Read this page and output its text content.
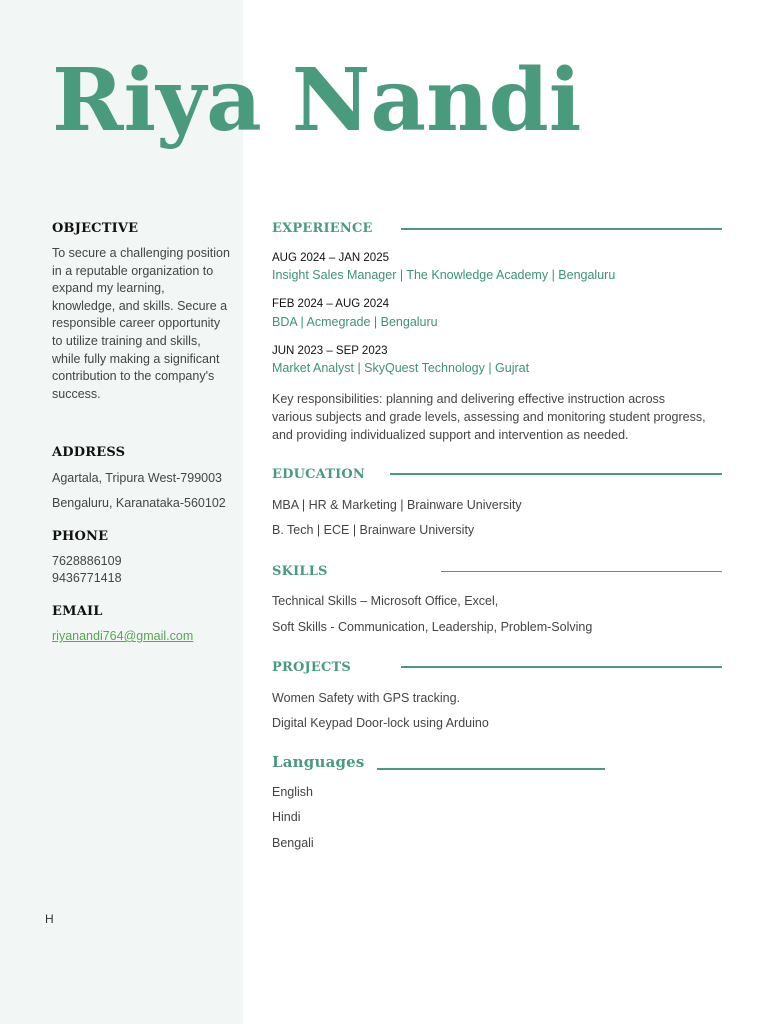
Riya Nandi
OBJECTIVE
To secure a challenging position
in a reputable organization to
expand my learning,
knowledge, and skills. Secure a
responsible career opportunity
to utilize training and skills,
while fully making a significant
contribution to the company's
success.
ADDRESS
Agartala, Tripura West-799003
Bengaluru, Karanataka-560102
PHONE
7628886109
9436771418
EMAIL
riyanandi764@gmail.com
H
EXPERIENCE
AUG 2024 – JAN 2025
Insight Sales Manager | The Knowledge Academy | Bengaluru
FEB 2024 – AUG 2024
BDA | Acmegrade | Bengaluru
JUN 2023 – SEP 2023
Market Analyst | SkyQuest Technology | Gujrat
Key responsibilities: planning and delivering effective instruction across
various subjects and grade levels, assessing and monitoring student progress,
and providing individualized support and intervention as needed.
EDUCATION
MBA | HR & Marketing | Brainware University
B. Tech | ECE | Brainware University
SKILLS
Technical Skills – Microsoft Office, Excel,
Soft Skills - Communication, Leadership, Problem-Solving
PROJECTS
Women Safety with GPS tracking.
Digital Keypad Door-lock using Arduino
Languages
English
Hindi
Bengali
